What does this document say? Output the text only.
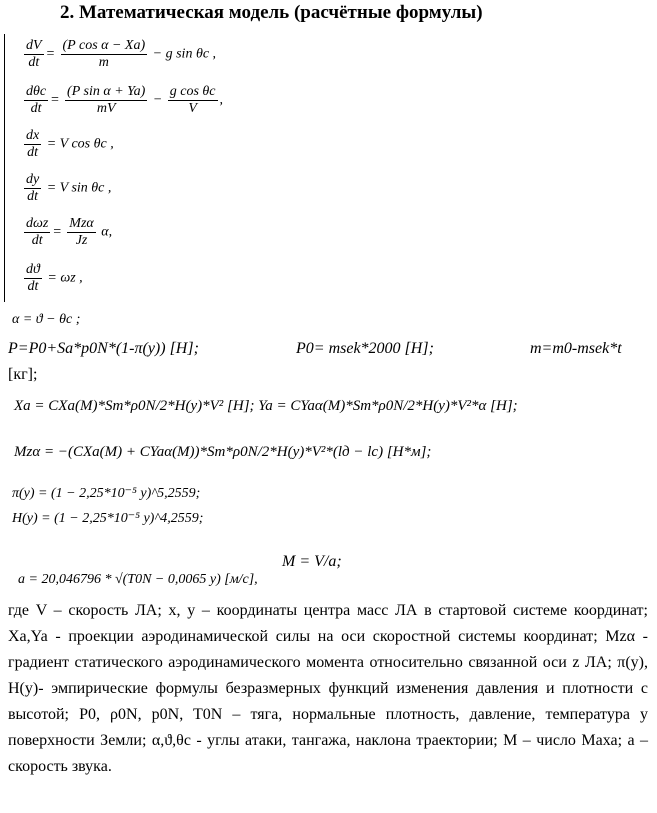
2. Математическая модель (расчётные формулы)
$\frac{dV}{dt} = \frac{\text{(P cos α − Xa)}}{m} - g$ sin θc ,
$\frac{\text{dθc}}{dt} = \frac{\text{(P sin α + Ya)}}{mV} - \frac{\text{g cos θc}}{V}$ ,
$\frac{dx}{dt} = V$ cos θc ,
$\frac{dy}{dt} = V$ sin θc ,
$\frac{\text{dωz}}{dt} = \frac{\text{Mzα}}{Jz} \alpha$,
$\frac{dϑ}{dt} = \omega z$ ,
α = ϑ − θc ;
P=P0+Sa*p0N*(1-π(y)) [H];	P0= msek*2000 [H];	m=m0-msek*t
[кг];
Xa = CXa(M)*Sm*ρ0N/2*H(y)*V² [H]; Ya = CYaα(M)*Sm*ρ0N/2*H(y)*V²*α [H];
Mzα = −(CXa(M) + CYaα(M))*Sm*ρ0N/2*H(y)*V²*(lд − lc) [H*м];
π(y) = (1 − 2,25*10⁻⁵ y)^5,2559;
H(y) = (1 − 2,25*10⁻⁵ y)^4,2559;
M = V/a;
a = 20,046796 * √(T0N − 0,0065 y) [м/с],
где V – скорость ЛА; x, y – координаты центра масс ЛА в стартовой системе координат; Xa,Ya - проекции аэродинамической силы на оси скоростной системы координат; Mzα - градиент статического аэродинамического момента относительно связанной оси z ЛА; π(y), H(y)- эмпирические формулы безразмерных функций изменения давления и плотности с высотой; P0, ρ0N, p0N, T0N – тяга, нормальные плотность, давление, температура у поверхности Земли; α,ϑ,θc - углы атаки, тангажа, наклона траектории; М – число Маха; a – скорость звука.
